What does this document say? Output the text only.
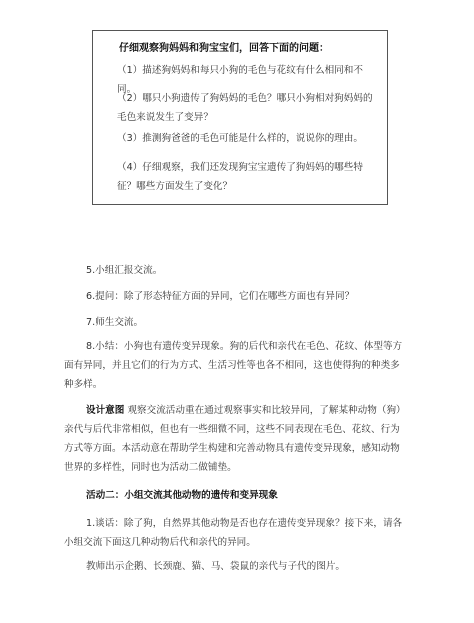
仔细观察狗妈妈和狗宝宝们，回答下面的问题：
（1）描述狗妈妈和每只小狗的毛色与花纹有什么相同和不同。
（2）哪只小狗遗传了狗妈妈的毛色？哪只小狗相对狗妈妈的毛色来说发生了变异？
（3）推测狗爸爸的毛色可能是什么样的，说说你的理由。
（4）仔细观察，我们还发现狗宝宝遗传了狗妈妈的哪些特征？哪些方面发生了变化？
5.小组汇报交流。
6.提问：除了形态特征方面的异同，它们在哪些方面也有异同？
7.师生交流。
8.小结：小狗也有遗传变异现象。狗的后代和亲代在毛色、花纹、体型等方面有异同，并且它们的行为方式、生活习性等也各不相同，这也使得狗的种类多种多样。
设计意图 观察交流活动重在通过观察事实和比较异同，了解某种动物（狗）亲代与后代非常相似，但也有一些细微不同，这些不同表现在毛色、花纹、行为方式等方面。本活动意在帮助学生构建和完善动物具有遗传变异现象，感知动物世界的多样性，同时也为活动二做铺垫。
活动二：小组交流其他动物的遗传和变异现象
1.谈话：除了狗，自然界其他动物是否也存在遗传变异现象？接下来，请各小组交流下面这几种动物后代和亲代的异同。
教师出示企鹅、长颈鹿、猫、马、袋鼠的亲代与子代的图片。
